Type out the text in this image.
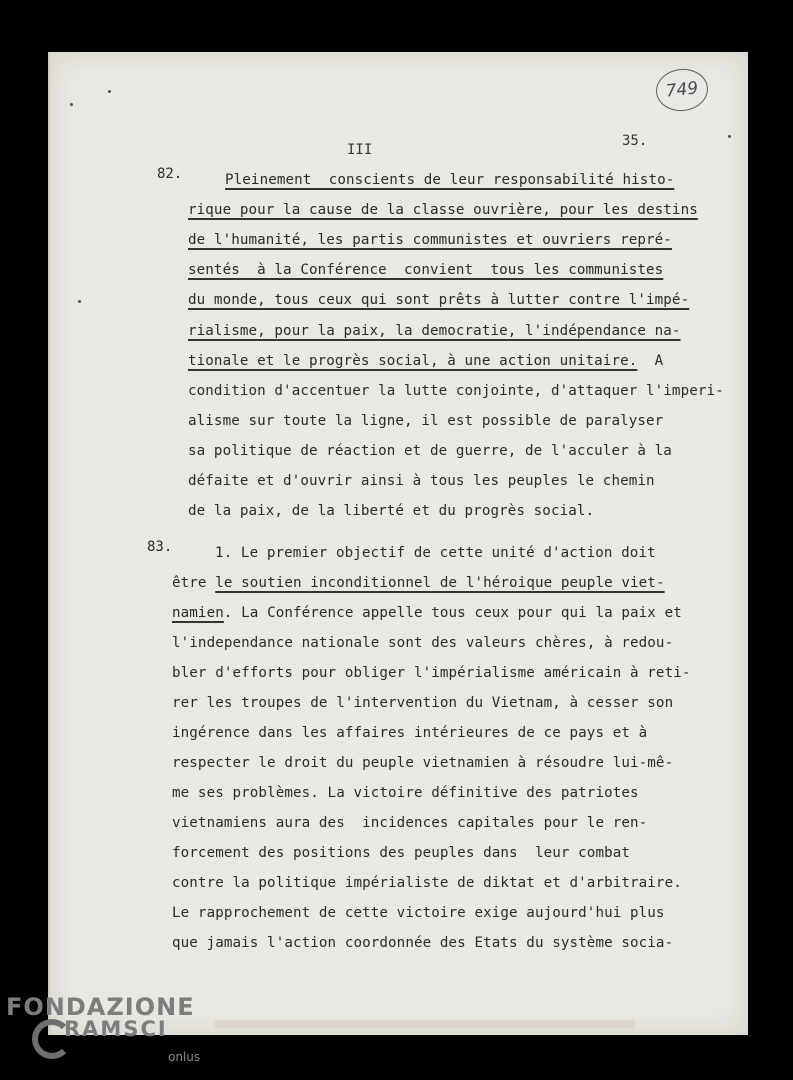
749
III
35.
82.
83.
Pleinement  conscients de leur responsabilité histo-
rique pour la cause de la classe ouvrière, pour les destins
de l'humanité, les partis communistes et ouvriers repré-
sentés  à la Conférence  convient  tous les communistes
du monde, tous ceux qui sont prêts à lutter contre l'impé-
rialisme, pour la paix, la democratie, l'indépendance na-
tionale et le progrès social, à une action unitaire.  A
condition d'accentuer la lutte conjointe, d'attaquer l'imperi-
alisme sur toute la ligne, il est possible de paralyser
sa politique de réaction et de guerre, de l'acculer à la
défaite et d'ouvrir ainsi à tous les peuples le chemin
de la paix, de la liberté et du progrès social.
1. Le premier objectif de cette unité d'action doit
être le soutien inconditionnel de l'héroique peuple viet-
namien. La Conférence appelle tous ceux pour qui la paix et
l'independance nationale sont des valeurs chères, à redou-
bler d'efforts pour obliger l'impérialisme américain à reti-
rer les troupes de l'intervention du Vietnam, à cesser son
ingérence dans les affaires intérieures de ce pays et à
respecter le droit du peuple vietnamien à résoudre lui-mê-
me ses problèmes. La victoire définitive des patriotes
vietnamiens aura des  incidences capitales pour le ren-
forcement des positions des peuples dans  leur combat
contre la politique impérialiste de diktat et d'arbitraire.
Le rapprochement de cette victoire exige aujourd'hui plus
que jamais l'action coordonnée des Etats du système socia-
FONDAZIONE
RAMSCI
onlus
